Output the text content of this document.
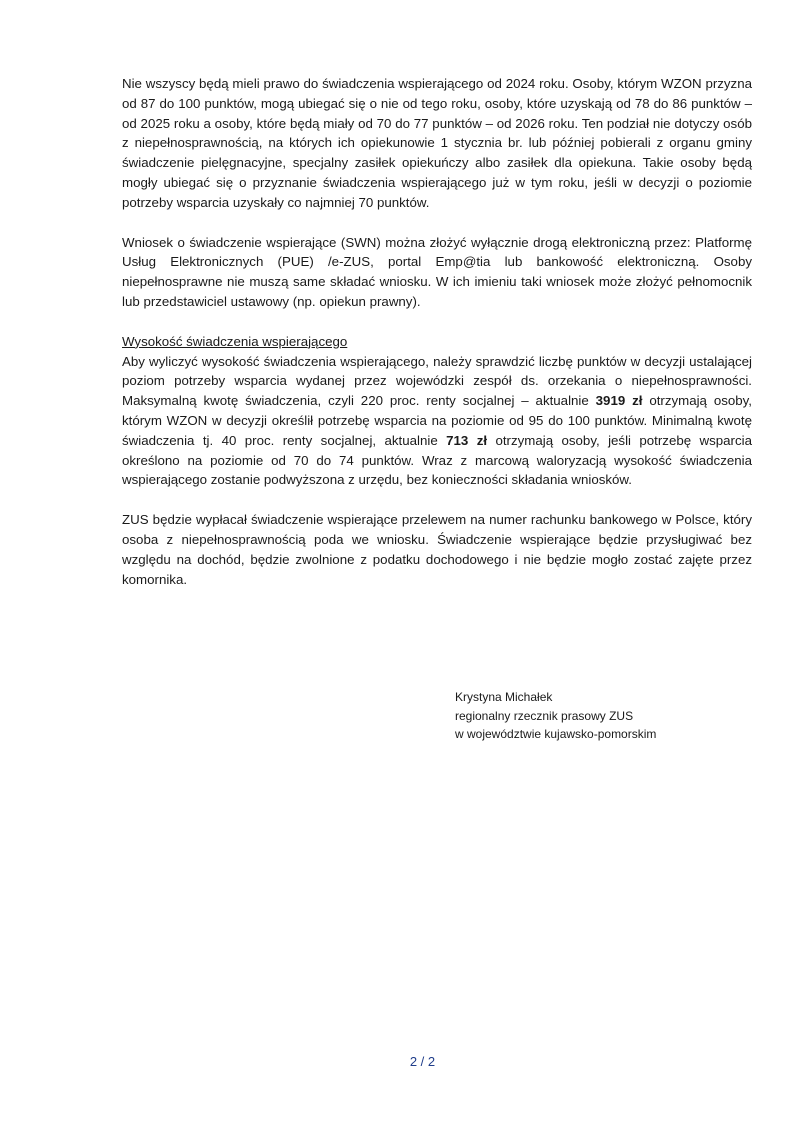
Nie wszyscy będą mieli prawo do świadczenia wspierającego od 2024 roku. Osoby, którym WZON przyzna od 87 do 100 punktów, mogą ubiegać się o nie od tego roku, osoby, które uzyskają od 78 do 86 punktów – od 2025 roku a osoby, które będą miały od 70 do 77 punktów – od 2026 roku. Ten podział nie dotyczy osób z niepełnosprawnością, na których ich opiekunowie 1 stycznia br. lub później pobierali z organu gminy świadczenie pielęgnacyjne, specjalny zasiłek opiekuńczy albo zasiłek dla opiekuna. Takie osoby będą mogły ubiegać się o przyznanie świadczenia wspierającego już w tym roku, jeśli w decyzji o poziomie potrzeby wsparcia uzyskały co najmniej 70 punktów.

Wniosek o świadczenie wspierające (SWN) można złożyć wyłącznie drogą elektroniczną przez: Platformę Usług Elektronicznych (PUE) /e-ZUS, portal Emp@tia lub bankowość elektroniczną. Osoby niepełnosprawne nie muszą same składać wniosku. W ich imieniu taki wniosek może złożyć pełnomocnik lub przedstawiciel ustawowy (np. opiekun prawny).

Wysokość świadczenia wspierającego

Aby wyliczyć wysokość świadczenia wspierającego, należy sprawdzić liczbę punktów w decyzji ustalającej poziom potrzeby wsparcia wydanej przez wojewódzki zespół ds. orzekania o niepełnosprawności. Maksymalną kwotę świadczenia, czyli 220 proc. renty socjalnej – aktualnie 3919 zł otrzymają osoby, którym WZON w decyzji określił potrzebę wsparcia na poziomie od 95 do 100 punktów. Minimalną kwotę świadczenia tj. 40 proc. renty socjalnej, aktualnie 713 zł otrzymają osoby, jeśli potrzebę wsparcia określono na poziomie od 70 do 74 punktów. Wraz z marcową waloryzacją wysokość świadczenia wspierającego zostanie podwyższona z urzędu, bez konieczności składania wniosków.

ZUS będzie wypłacał świadczenie wspierające przelewem na numer rachunku bankowego w Polsce, który osoba z niepełnosprawnością poda we wniosku. Świadczenie wspierające będzie przysługiwać bez względu na dochód, będzie zwolnione z podatku dochodowego i nie będzie mogło zostać zajęte przez komornika.

Krystyna Michałek
regionalny rzecznik prasowy ZUS
w województwie kujawsko-pomorskim
2 / 2
